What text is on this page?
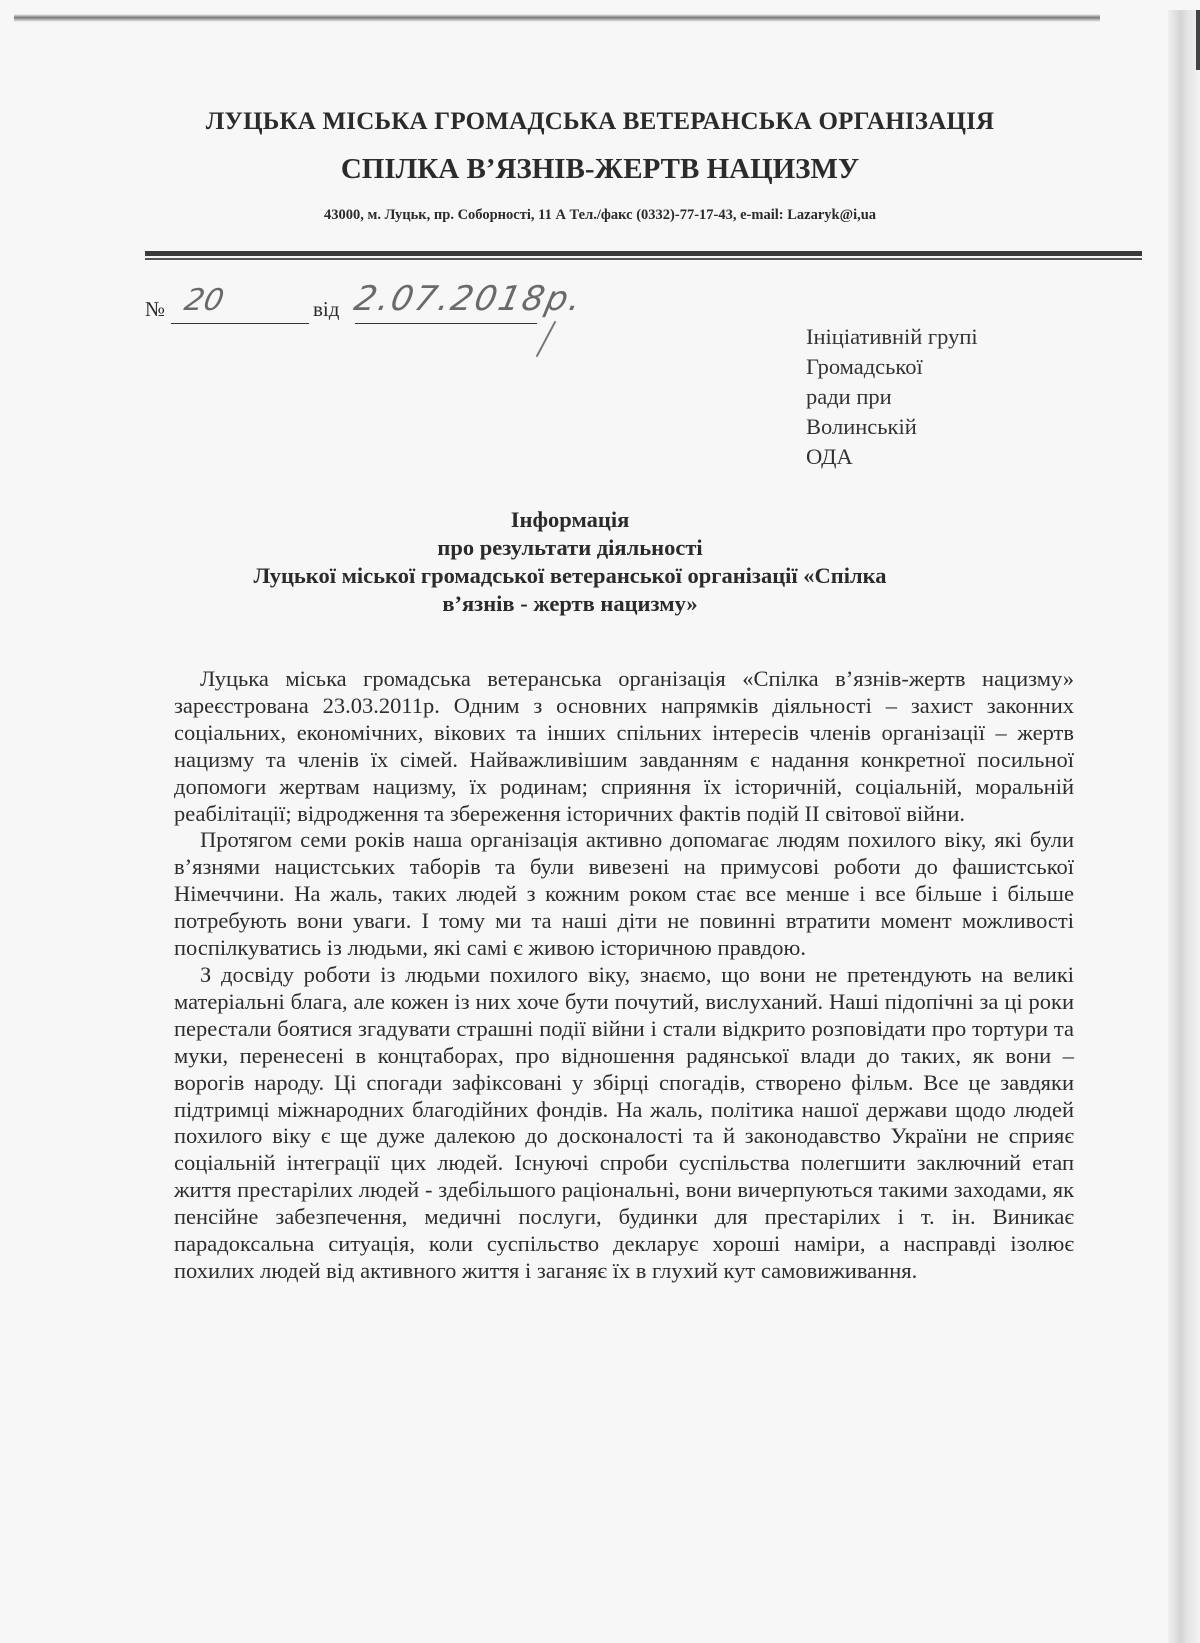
ЛУЦЬКА МІСЬКА ГРОМАДСЬКА ВЕТЕРАНСЬКА ОРГАНІЗАЦІЯ
СПІЛКА В’ЯЗНІВ-ЖЕРТВ НАЦИЗМУ
43000, м. Луцьк, пр. Соборності, 11 А Тел./факс (0332)-77-17-43, e-mail: Lazaryk@i,ua
№ 20	від 2.07.2018р.
Ініціативній групі
Громадської
ради при
Волинській
ОДА
Інформація
про результати діяльності
Луцької міської громадської ветеранської організації «Спілка
в’язнів - жертв нацизму»

Луцька міська громадська ветеранська організація «Спілка в’язнів-жертв нацизму» зареєстрована 23.03.2011р. Одним з основних напрямків діяльності – захист законних соціальних, економічних, вікових та інших спільних інтересів членів організації – жертв нацизму та членів їх сімей. Найважливішим завданням є надання конкретної посильної допомоги жертвам нацизму, їх родинам; сприяння їх історичній, соціальній, моральній реабілітації; відродження та збереження історичних фактів подій ІІ світової війни.

Протягом семи років наша організація активно допомагає людям похилого віку, які були в’язнями нацистських таборів та були вивезені на примусові роботи до фашистської Німеччини. На жаль, таких людей з кожним роком стає все менше і все більше і більше потребують вони уваги. І тому ми та наші діти не повинні втратити момент можливості поспілкуватись із людьми, які самі є живою історичною правдою.

З досвіду роботи із людьми похилого віку, знаємо, що вони не претендують на великі матеріальні блага, але кожен із них хоче бути почутий, вислуханий. Наші підопічні за ці роки перестали боятися згадувати страшні події війни і стали відкрито розповідати про тортури та муки, перенесені в концтаборах, про відношення радянської влади до таких, як вони – ворогів народу. Ці спогади зафіксовані у збірці спогадів, створено фільм. Все це завдяки підтримці міжнародних благодійних фондів. На жаль, політика нашої держави щодо людей похилого віку є ще дуже далекою до досконалості та й законодавство України не сприяє соціальній інтеграції цих людей. Існуючі спроби суспільства полегшити заключний етап життя престарілих людей - здебільшого раціональні, вони вичерпуються такими заходами, як пенсійне забезпечення, медичні послуги, будинки для престарілих і т. ін. Виникає парадоксальна ситуація, коли суспільство декларує хороші наміри, а насправді ізолює похилих людей від активного життя і заганяє їх в глухий кут самовиживання.
